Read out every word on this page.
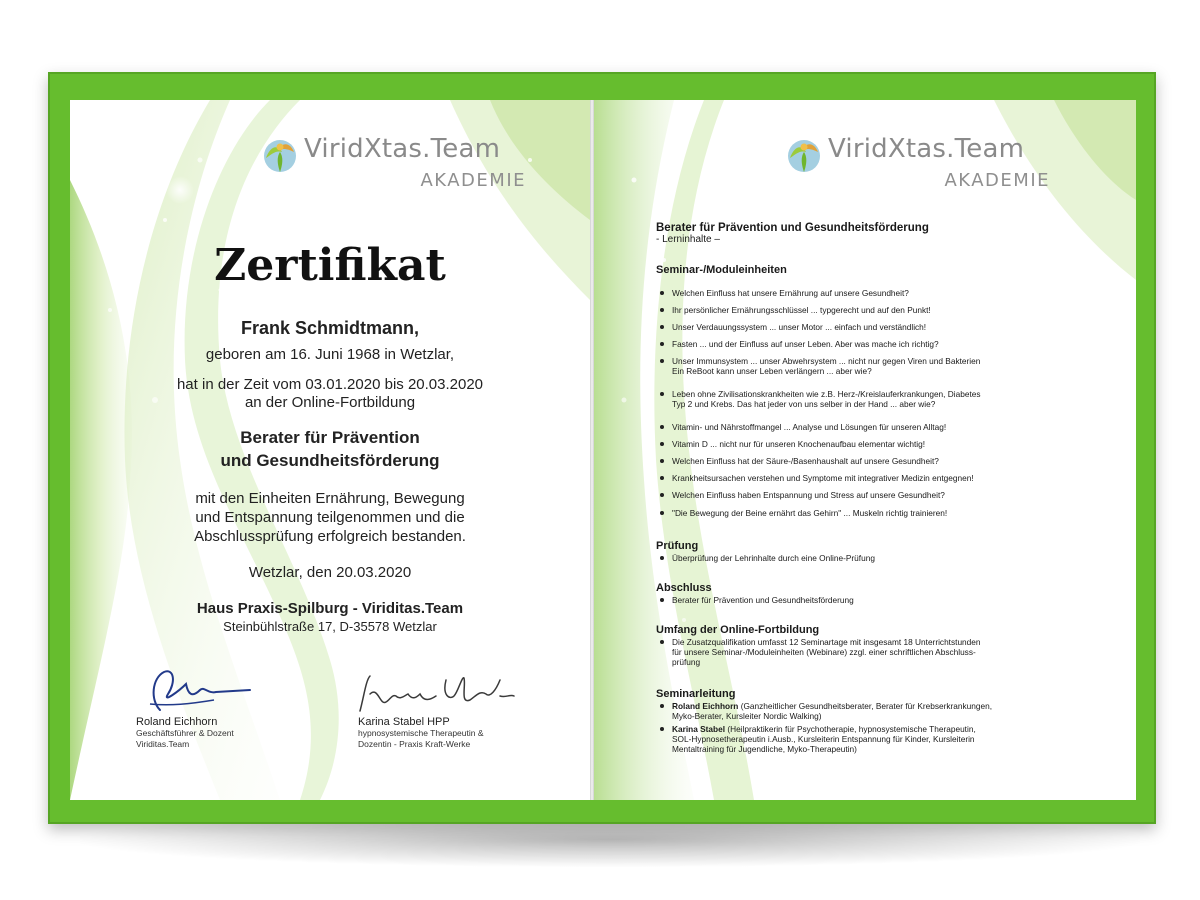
ViridXtas.Team
AKADEMIE
Zertifikat
Frank Schmidtmann,
geboren am 16. Juni 1968 in Wetzlar,
hat in der Zeit vom 03.01.2020 bis 20.03.2020
an der Online-Fortbildung
Berater für Prävention
und Gesundheitsförderung
mit den Einheiten Ernährung, Bewegung
und Entspannung teilgenommen und die
Abschlussprüfung erfolgreich bestanden.
Wetzlar, den 20.03.2020
Haus Praxis-Spilburg - Viriditas.Team
Steinbühlstraße 17, D-35578 Wetzlar
Roland Eichhorn
Geschäftsführer & Dozent
Viriditas.Team
Karina Stabel HPP
hypnosystemische Therapeutin &
Dozentin - Praxis Kraft-Werke
ViridXtas.Team
AKADEMIE
Berater für Prävention und Gesundheitsförderung
- Lerninhalte –
Seminar-/Moduleinheiten
Welchen Einfluss hat unsere Ernährung auf unsere Gesundheit?
Ihr persönlicher Ernährungsschlüssel ... typgerecht und auf den Punkt!
Unser Verdauungssystem ... unser Motor ... einfach und verständlich!
Fasten ... und der Einfluss auf unser Leben. Aber was mache ich richtig?
Unser Immunsystem ... unser Abwehrsystem ... nicht nur gegen Viren und Bakterien
Ein ReBoot kann unser Leben verlängern ... aber wie?
Leben ohne Zivilisationskrankheiten wie z.B. Herz-/Kreislauferkrankungen, Diabetes
Typ 2 und Krebs. Das hat jeder von uns selber in der Hand ... aber wie?
Vitamin- und Nährstoffmangel ... Analyse und Lösungen für unseren Alltag!
Vitamin D ... nicht nur für unseren Knochenaufbau elementar wichtig!
Welchen Einfluss hat der Säure-/Basenhaushalt auf unsere Gesundheit?
Krankheitsursachen verstehen und Symptome mit integrativer Medizin entgegnen!
Welchen Einfluss haben Entspannung und Stress auf unsere Gesundheit?
"Die Bewegung der Beine ernährt das Gehirn" ... Muskeln richtig trainieren!
Prüfung
Überprüfung der Lehrinhalte durch eine Online-Prüfung
Abschluss
Berater für Prävention und Gesundheitsförderung
Umfang der Online-Fortbildung
Die Zusatzqualifikation umfasst 12 Seminartage mit insgesamt 18 Unterrichtstunden
für unsere Seminar-/Moduleinheiten (Webinare) zzgl. einer schriftlichen Abschluss-
prüfung
Seminarleitung
Roland Eichhorn (Ganzheitlicher Gesundheitsberater, Berater für Krebserkrankungen,
Myko-Berater, Kursleiter Nordic Walking)
Karina Stabel (Heilpraktikerin für Psychotherapie, hypnosystemische Therapeutin,
SOL-Hypnosetherapeutin i.Ausb., Kursleiterin Entspannung für Kinder, Kursleiterin
Mentaltraining für Jugendliche, Myko-Therapeutin)
